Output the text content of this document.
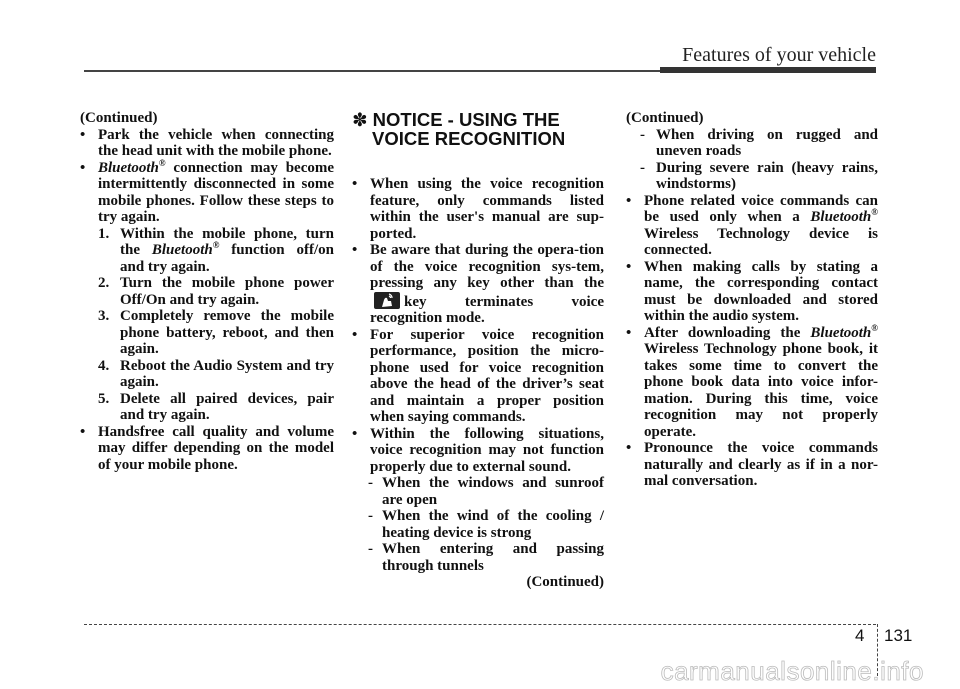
Features of your vehicle

(Continued)

• Park the vehicle when connecting the head unit with the mobile phone.

• Bluetooth® connection may become intermittently disconnected in some mobile phones. Follow these steps to try again.

1. Within the mobile phone, turn the Bluetooth® function off/on and try again.

2. Turn the mobile phone power Off/On and try again.

3. Completely remove the mobile phone battery, reboot, and then again.

4. Reboot the Audio System and try again.

5. Delete all paired devices, pair and try again.

• Handsfree call quality and volume may differ depending on the model of your mobile phone.

✽ NOTICE - USING THE
VOICE RECOGNITION

• When using the voice recognition feature, only commands listed within the user's manual are sup-ported.

• Be aware that during the opera-tion of the voice recognition sys-tem, pressing any key other than the
key terminates voice recognition mode.

• For superior voice recognition performance, position the micro-phone used for voice recognition above the head of the driver’s seat and maintain a proper position when saying commands.

• Within the following situations, voice recognition may not function properly due to external sound.

- When the windows and sunroof are open

- When the wind of the cooling / heating device is strong

- When entering and passing through tunnels

(Continued)

(Continued)

- When driving on rugged and uneven roads

- During severe rain (heavy rains, windstorms)

• Phone related voice commands can be used only when a Bluetooth® Wireless Technology device is connected.

• When making calls by stating a name, the corresponding contact must be downloaded and stored within the audio system.

• After downloading the Bluetooth® Wireless Technology phone book, it takes some time to convert the phone book data into voice infor-mation. During this time, voice recognition may not properly operate.

• Pronounce the voice commands naturally and clearly as if in a nor-mal conversation.

4 131
carmanualsonline.info
